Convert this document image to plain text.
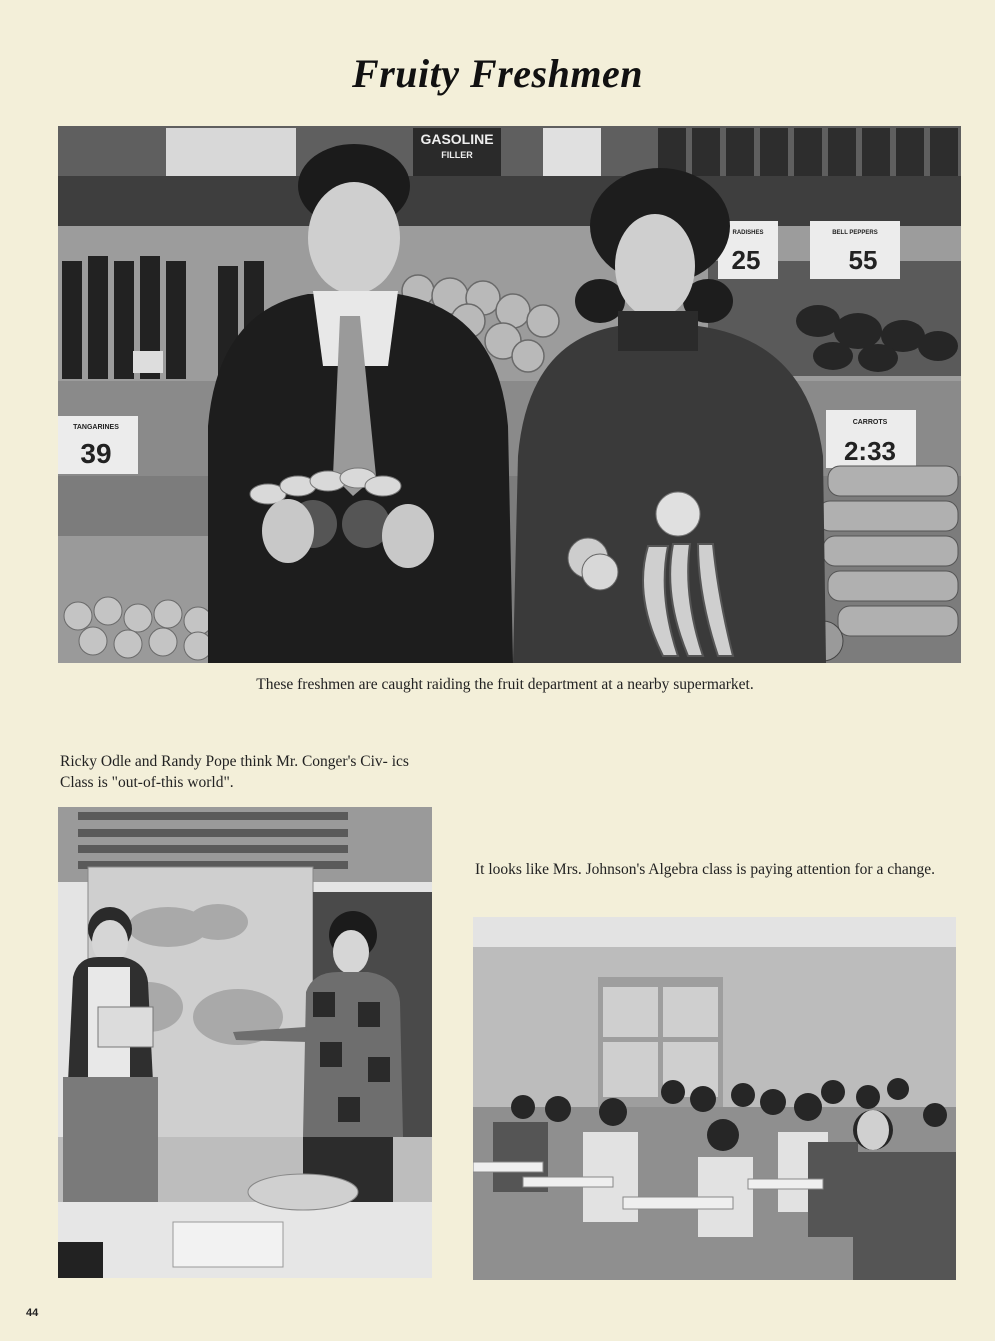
Fruity Freshmen
GASOLINE
FILLER
TANGARINES
39
RADISHES
25
BELL PEPPERS
55
CARROTS
2:33
These freshmen are caught raiding the fruit department at a nearby supermarket.
Ricky Odle and Randy Pope think Mr. Conger's Civ- ics Class is "out-of-this world".
It looks like Mrs. Johnson's Algebra class is paying attention for a change.
44
